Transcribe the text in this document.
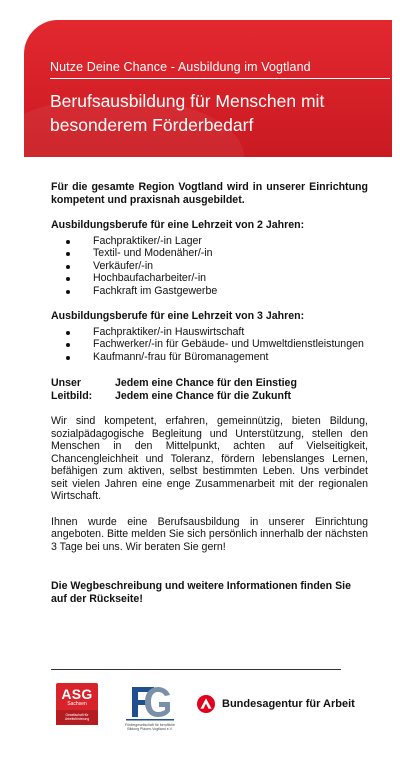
Nutze Deine Chance - Ausbildung im Vogtland
Berufsausbildung für Menschen mit besonderem Förderbedarf

Für die gesamte Region Vogtland wird in unserer Einrichtung kompetent und praxisnah ausgebildet.

Ausbildungsberufe für eine Lehrzeit von 2 Jahren:

Fachpraktiker/-in Lager
Textil- und Modenäher/-in
Verkäufer/-in
Hochbaufacharbeiter/-in
Fachkraft im Gastgewerbe

Ausbildungsberufe für eine Lehrzeit von 3 Jahren:

Fachpraktiker/-in Hauswirtschaft
Fachwerker/-in für Gebäude- und Umweltdienstleistungen
Kaufmann/-frau für Büromanagement
Unser Leitbild:
Jedem eine Chance für den Einstieg
Jedem eine Chance für die Zukunft

Wir sind kompetent, erfahren, gemeinnützig, bieten Bildung, sozialpädagogische Begleitung und Unterstützung, stellen den Menschen in den Mittelpunkt, achten auf Vielseitigkeit, Chancengleichheit und Toleranz, fördern lebenslanges Lernen, befähigen zum aktiven, selbst bestimmten Leben. Uns verbindet seit vielen Jahren eine enge Zusammenarbeit mit der regionalen Wirtschaft.

Ihnen wurde eine Berufsausbildung in unserer Einrichtung angeboten. Bitte melden Sie sich persönlich innerhalb der nächsten 3 Tage bei uns. Wir beraten Sie gern!

Die Wegbeschreibung und weitere Informationen finden Sie auf der Rückseite!

ASG
Sachsen
Gesellschaft für Arbeitsförderung
Fördergesellschaft für berufliche Bildung Plauen-Vogtland e.V.
Bundesagentur für Arbeit
